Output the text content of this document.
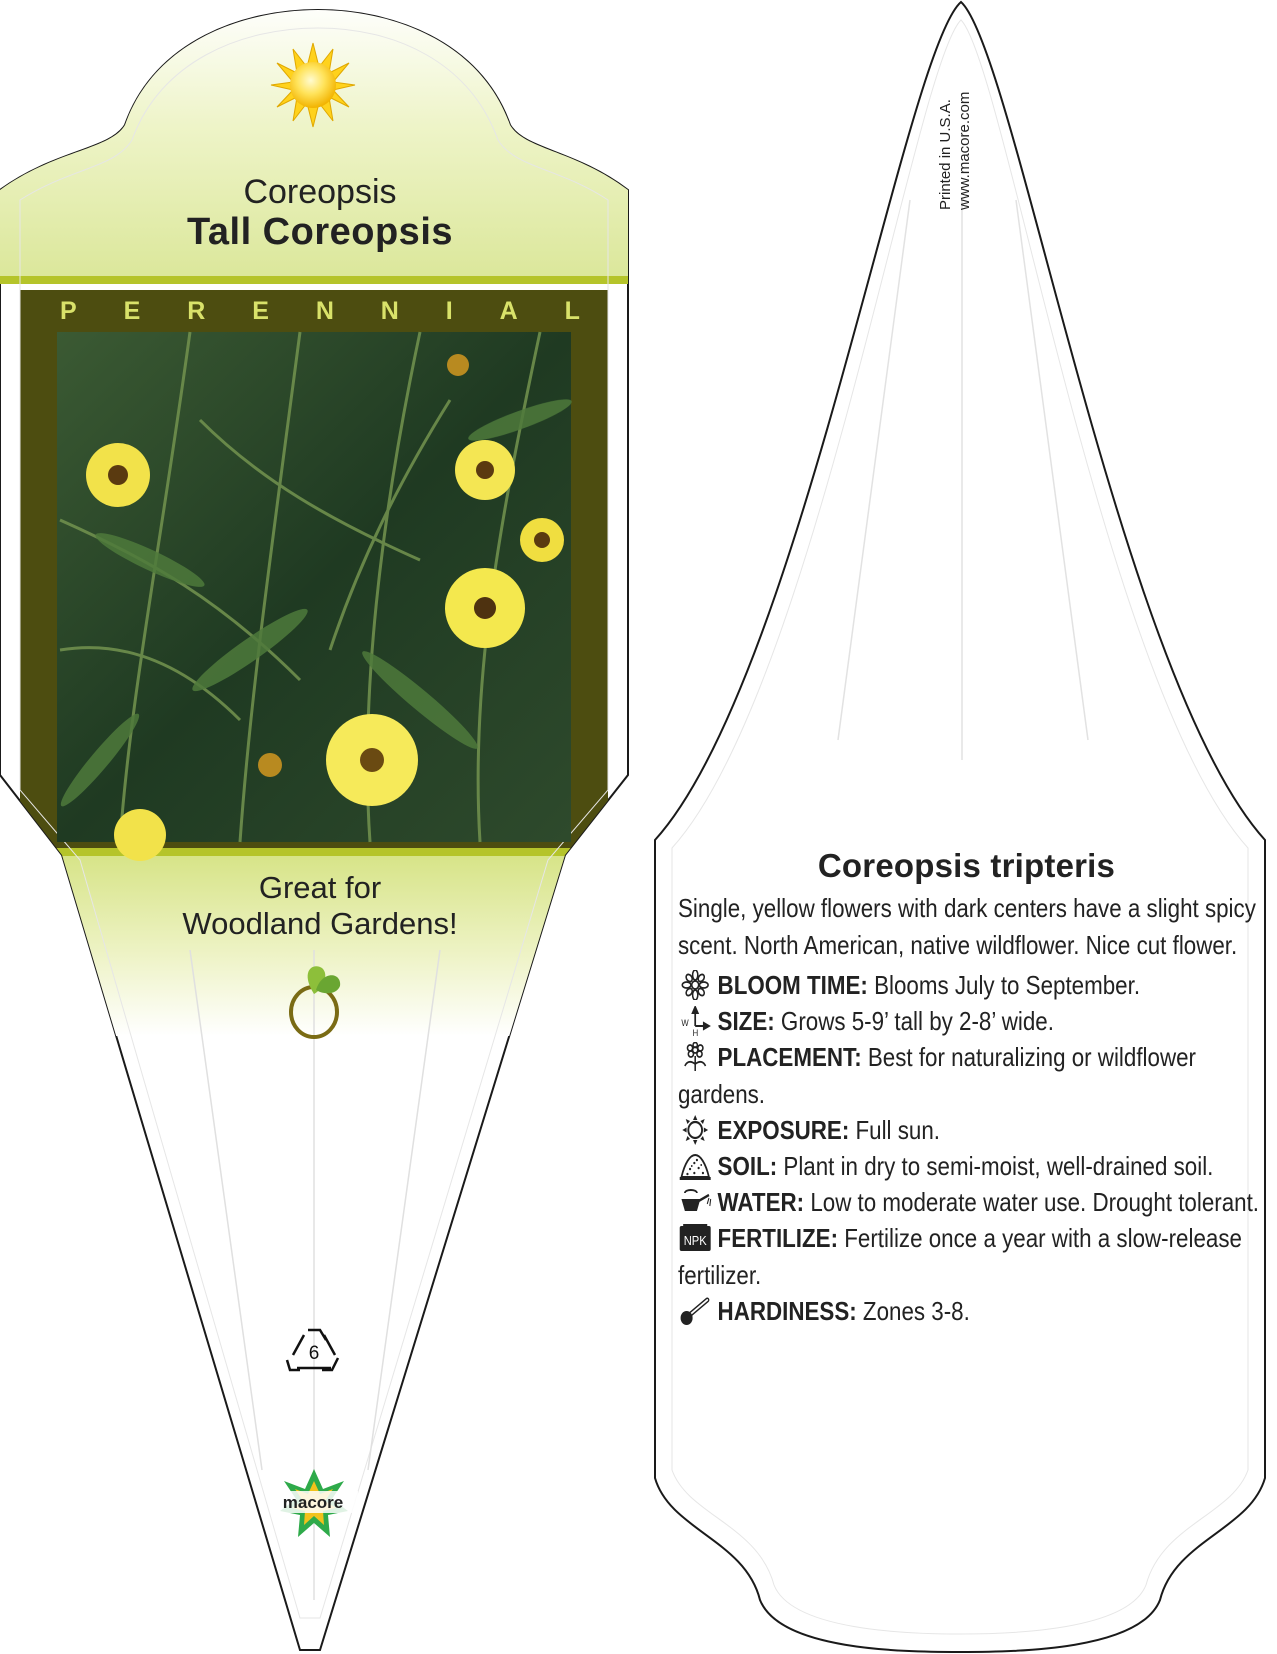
Coreopsis
Tall Coreopsis
P E R E N N I A L
Great for
Woodland Gardens!
6
macore
Printed in U.S.A. www.macore.com
Coreopsis tripteris
Single, yellow flowers with dark centers have a slight spicy scent. North American, native wildflower. Nice cut flower.
BLOOM TIME: Blooms July to September.
W
H SIZE: Grows 5-9’ tall by 2-8’ wide.
PLACEMENT: Best for naturalizing or wildflower gardens.
EXPOSURE: Full sun.
SOIL: Plant in dry to semi-moist, well-drained soil.
WATER: Low to moderate water use. Drought tolerant.
NPK FERTILIZE: Fertilize once a year with a slow-release fertilizer.
HARDINESS: Zones 3-8.
